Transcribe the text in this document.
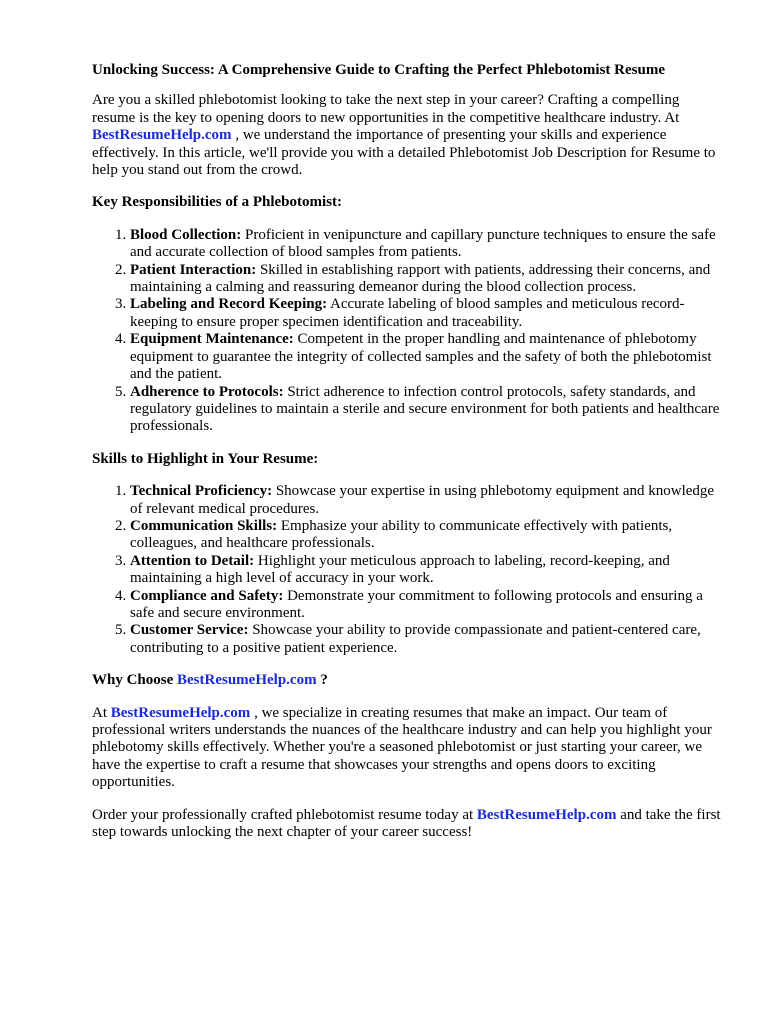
Unlocking Success: A Comprehensive Guide to Crafting the Perfect Phlebotomist Resume

Are you a skilled phlebotomist looking to take the next step in your career? Crafting a compelling resume is the key to opening doors to new opportunities in the competitive healthcare industry. At BestResumeHelp.com , we understand the importance of presenting your skills and experience effectively. In this article, we'll provide you with a detailed Phlebotomist Job Description for Resume to help you stand out from the crowd.

Key Responsibilities of a Phlebotomist:
1. Blood Collection: Proficient in venipuncture and capillary puncture techniques to ensure the safe and accurate collection of blood samples from patients.
2. Patient Interaction: Skilled in establishing rapport with patients, addressing their concerns, and maintaining a calming and reassuring demeanor during the blood collection process.
3. Labeling and Record Keeping: Accurate labeling of blood samples and meticulous record-keeping to ensure proper specimen identification and traceability.
4. Equipment Maintenance: Competent in the proper handling and maintenance of phlebotomy equipment to guarantee the integrity of collected samples and the safety of both the phlebotomist and the patient.
5. Adherence to Protocols: Strict adherence to infection control protocols, safety standards, and regulatory guidelines to maintain a sterile and secure environment for both patients and healthcare professionals.
Skills to Highlight in Your Resume:
1. Technical Proficiency: Showcase your expertise in using phlebotomy equipment and knowledge of relevant medical procedures.
2. Communication Skills: Emphasize your ability to communicate effectively with patients, colleagues, and healthcare professionals.
3. Attention to Detail: Highlight your meticulous approach to labeling, record-keeping, and maintaining a high level of accuracy in your work.
4. Compliance and Safety: Demonstrate your commitment to following protocols and ensuring a safe and secure environment.
5. Customer Service: Showcase your ability to provide compassionate and patient-centered care, contributing to a positive patient experience.
Why Choose BestResumeHelp.com ?

At BestResumeHelp.com , we specialize in creating resumes that make an impact. Our team of professional writers understands the nuances of the healthcare industry and can help you highlight your phlebotomy skills effectively. Whether you're a seasoned phlebotomist or just starting your career, we have the expertise to craft a resume that showcases your strengths and opens doors to exciting opportunities.

Order your professionally crafted phlebotomist resume today at BestResumeHelp.com and take the first step towards unlocking the next chapter of your career success!
